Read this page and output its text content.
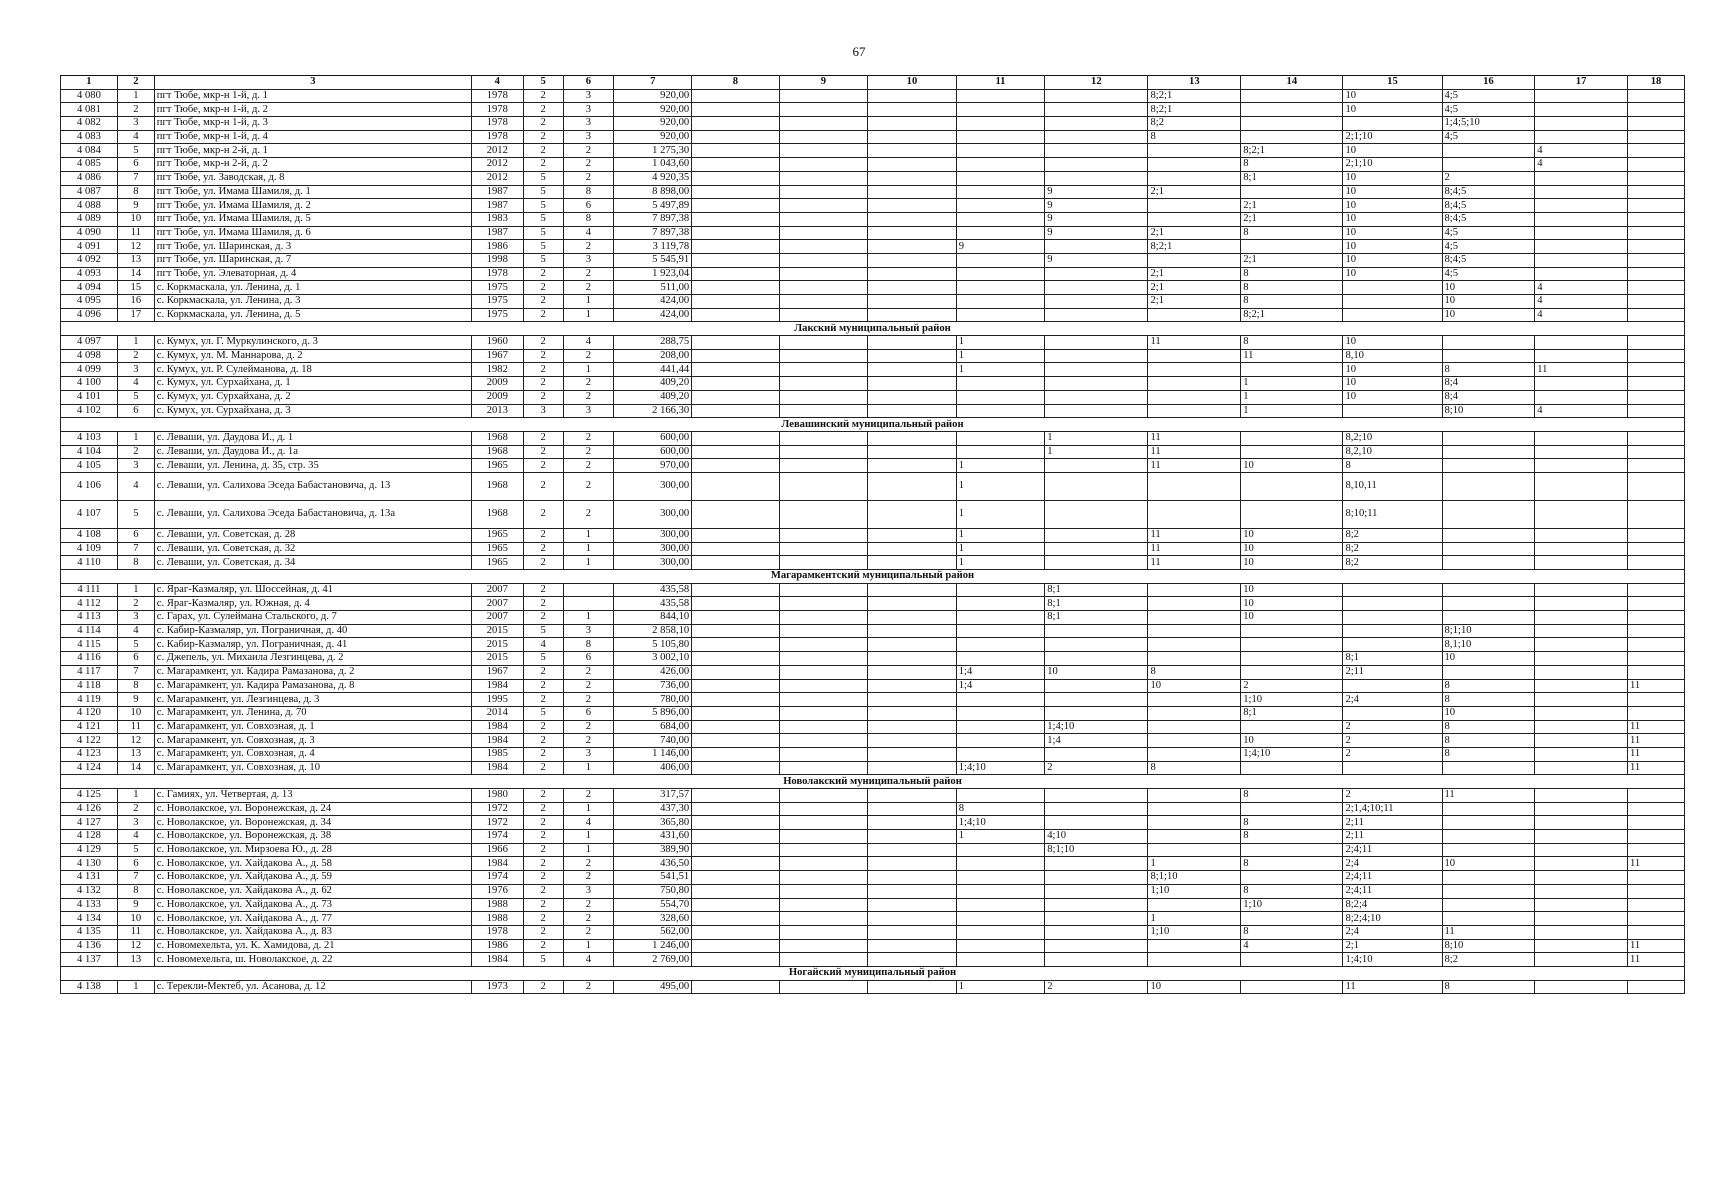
67
1	2	3	4	5	6	7	8	9	10	11	12	13	14	15	16	17	18
4 080	1	пгт Тюбе, мкр-н 1-й, д. 1	1978	2	3	920,00						8;2;1		10	4;5		
4 081	2	пгт Тюбе, мкр-н 1-й, д. 2	1978	2	3	920,00						8;2;1		10	4;5		
4 082	3	пгт Тюбе, мкр-н 1-й, д. 3	1978	2	3	920,00						8;2			1;4;5;10		
4 083	4	пгт Тюбе, мкр-н 1-й, д. 4	1978	2	3	920,00						8		2;1;10	4;5		
4 084	5	пгт Тюбе, мкр-н 2-й, д. 1	2012	2	2	1 275,30							8;2;1	10		4	
4 085	6	пгт Тюбе, мкр-н 2-й, д. 2	2012	2	2	1 043,60							8	2;1;10		4	
4 086	7	пгт Тюбе, ул. Заводская, д. 8	2012	5	2	4 920,35							8;1	10	2		
4 087	8	пгт Тюбе, ул. Имама Шамиля, д. 1	1987	5	8	8 898,00					9	2;1		10	8;4;5		
4 088	9	пгт Тюбе, ул. Имама Шамиля, д. 2	1987	5	6	5 497,89					9		2;1	10	8;4;5		
4 089	10	пгт Тюбе, ул. Имама Шамиля, д. 5	1983	5	8	7 897,38					9		2;1	10	8;4;5		
4 090	11	пгт Тюбе, ул. Имама Шамиля, д. 6	1987	5	4	7 897,38					9	2;1	8	10	4;5		
4 091	12	пгт Тюбе, ул. Шаринская, д. 3	1986	5	2	3 119,78				9		8;2;1		10	4;5		
4 092	13	пгт Тюбе, ул. Шаринская, д. 7	1998	5	3	5 545,91					9		2;1	10	8;4;5		
4 093	14	пгт Тюбе, ул. Элеваторная, д. 4	1978	2	2	1 923,04						2;1	8	10	4;5		
4 094	15	с. Коркмаскала, ул. Ленина, д. 1	1975	2	2	511,00						2;1	8		10	4	
4 095	16	с. Коркмаскала, ул. Ленина, д. 3	1975	2	1	424,00						2;1	8		10	4	
4 096	17	с. Коркмаскала, ул. Ленина, д. 5	1975	2	1	424,00							8;2;1		10	4	
Лакский муниципальный район																	
4 097	1	с. Кумух, ул. Г. Муркулинского, д. 3	1960	2	4	288,75				1		11	8	10			
4 098	2	с. Кумух, ул. М. Маннарова, д. 2	1967	2	2	208,00				1			11	8,10			
4 099	3	с. Кумух, ул. Р. Сулейманова, д. 18	1982	2	1	441,44				1				10	8	11	
4 100	4	с. Кумух, ул. Сурхайхана, д. 1	2009	2	2	409,20							1	10	8;4		
4 101	5	с. Кумух, ул. Сурхайхана, д. 2	2009	2	2	409,20							1	10	8;4		
4 102	6	с. Кумух, ул. Сурхайхана, д. 3	2013	3	3	2 166,30							1		8;10	4	
Левашинский муниципальный район																	
4 103	1	с. Леваши, ул. Даудова И., д. 1	1968	2	2	600,00					1	11		8,2;10			
4 104	2	с. Леваши, ул. Даудова И., д. 1а	1968	2	2	600,00					1	11		8,2,10			
4 105	3	с. Леваши, ул. Ленина, д. 35, стр. 35	1965	2	2	970,00				1		11	10	8			
4 106	4	с. Леваши, ул. Салихова Эседа Бабастановича, д. 13	1968	2	2	300,00				1				8,10,11			
4 107	5	с. Леваши, ул. Салихова Эседа Бабастановича, д. 13а	1968	2	2	300,00				1				8;10;11			
4 108	6	с. Леваши, ул. Советская, д. 28	1965	2	1	300,00				1		11	10	8;2			
4 109	7	с. Леваши, ул. Советская, д. 32	1965	2	1	300,00				1		11	10	8;2			
4 110	8	с. Леваши, ул. Советская, д. 34	1965	2	1	300,00				1		11	10	8;2			
Магарамкентский муниципальный район																	
4 111	1	с. Яраг-Казмаляр, ул. Шоссейная, д. 41	2007	2		435,58					8;1		10				
4 112	2	с. Яраг-Казмаляр, ул. Южная, д. 4	2007	2		435,58					8;1		10				
4 113	3	с. Гарах, ул. Сулеймана Стальского, д. 7	2007	2	1	844,10					8;1		10				
4 114	4	с. Кабир-Казмаляр, ул. Пограничная, д. 40	2015	5	3	2 858,10									8;1;10		
4 115	5	с. Кабир-Казмаляр, ул. Пограничная, д. 41	2015	4	8	5 105,80									8,1;10		
4 116	6	с. Джепель, ул. Михаила Лезгинцева, д. 2	2015	5	6	3 002,10								8;1	10		
4 117	7	с. Магарамкент, ул. Кадира Рамазанова, д. 2	1967	2	2	426,00				1;4	10	8		2;11			
4 118	8	с. Магарамкент, ул. Кадира Рамазанова, д. 8	1984	2	2	736,00				1;4		10	2		8		11
4 119	9	с. Магарамкент, ул. Лезгинцева, д. 3	1995	2	2	780,00							1;10	2;4	8		
4 120	10	с. Магарамкент, ул. Ленина, д. 70	2014	5	6	5 896,00							8;1		10		
4 121	11	с. Магарамкент, ул. Совхозная, д. 1	1984	2	2	684,00					1;4;10			2	8		11
4 122	12	с. Магарамкент, ул. Совхозная, д. 3	1984	2	2	740,00					1;4		10	2	8		11
4 123	13	с. Магарамкент, ул. Совхозная, д. 4	1985	2	3	1 146,00							1;4;10	2	8		11
4 124	14	с. Магарамкент, ул. Совхозная, д. 10	1984	2	1	406,00				1;4;10	2	8					11
Новолакский муниципальный район																	
4 125	1	с. Гамиях, ул. Четвертая, д. 13	1980	2	2	317,57							8	2	11		
4 126	2	с. Новолакское, ул. Воронежская, д. 24	1972	2	1	437,30				8				2;1,4;10;11			
4 127	3	с. Новолакское, ул. Воронежская, д. 34	1972	2	4	365,80				1;4;10			8	2;11			
4 128	4	с. Новолакское, ул. Воронежская, д. 38	1974	2	1	431,60				1	4;10		8	2;11			
4 129	5	с. Новолакское, ул. Мирзоева Ю., д. 28	1966	2	1	389,90					8;1;10			2;4;11			
4 130	6	с. Новолакское, ул. Хайдакова А., д. 58	1984	2	2	436,50						1	8	2;4	10		11
4 131	7	с. Новолакское, ул. Хайдакова А., д. 59	1974	2	2	541,51						8;1;10		2;4;11			
4 132	8	с. Новолакское, ул. Хайдакова А., д. 62	1976	2	3	750,80						1;10	8	2;4;11			
4 133	9	с. Новолакское, ул. Хайдакова А., д. 73	1988	2	2	554,70							1;10	8;2;4			
4 134	10	с. Новолакское, ул. Хайдакова А., д. 77	1988	2	2	328,60						1		8;2;4;10			
4 135	11	с. Новолакское, ул. Хайдакова А., д. 83	1978	2	2	562,00						1;10	8	2;4	11		
4 136	12	с. Новомехельта, ул. К. Хамидова, д. 21	1986	2	1	1 246,00							4	2;1	8;10		11
4 137	13	с. Новомехельта, ш. Новолакское, д. 22	1984	5	4	2 769,00								1;4;10	8;2		11
Ногайский муниципальный район																	
4 138	1	с. Терекли-Мектеб, ул. Асанова, д. 12	1973	2	2	495,00				1	2	10		11	8		
